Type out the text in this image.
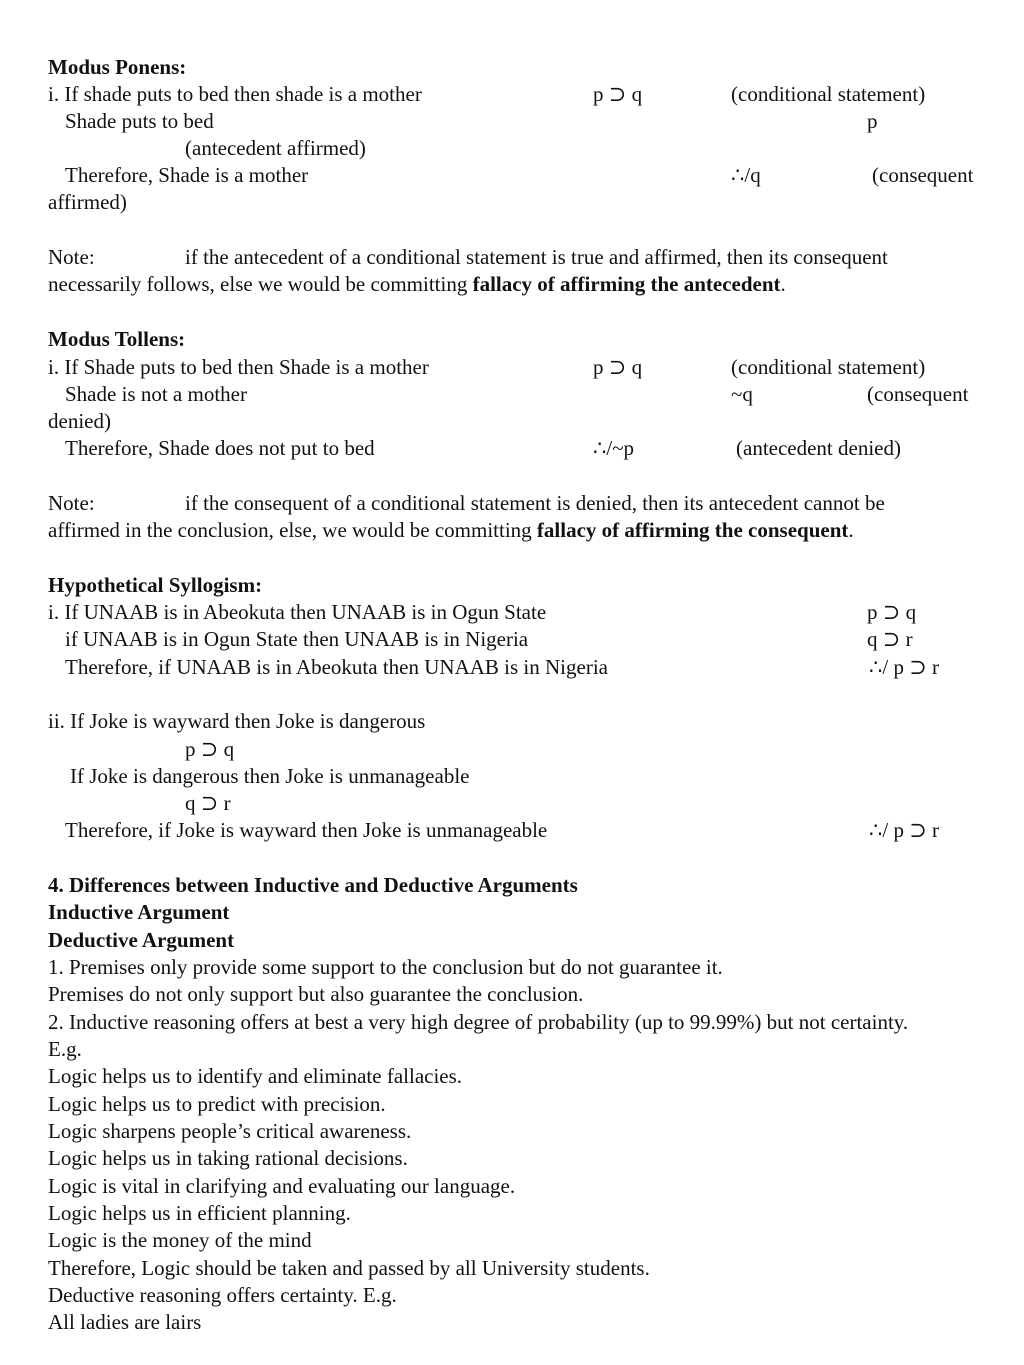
Modus Ponens:
i. If shade puts to bed then shade is a mother	p ⊃ q	(conditional statement)
Shade puts to bed	p
(antecedent affirmed)
Therefore, Shade is a mother	∴/q	(consequent
affirmed)
Note:	if the antecedent of a conditional statement is true and affirmed, then its consequent
necessarily follows, else we would be committing fallacy of affirming the antecedent.
Modus Tollens:
i. If Shade puts to bed then Shade is a mother	p ⊃ q	(conditional statement)
Shade is not a mother	~q	(consequent
denied)
Therefore, Shade does not put to bed	∴/~p	(antecedent denied)
Note:	if the consequent of a conditional statement is denied, then its antecedent cannot be
affirmed in the conclusion, else, we would be committing fallacy of affirming the consequent.
Hypothetical Syllogism:
i. If UNAAB is in Abeokuta then UNAAB is in Ogun State	p ⊃ q
if UNAAB is in Ogun State then UNAAB is in Nigeria	q ⊃ r
Therefore, if UNAAB is in Abeokuta then UNAAB is in Nigeria	∴/ p ⊃ r
ii. If Joke is wayward then Joke is dangerous
p ⊃ q
If Joke is dangerous then Joke is unmanageable
q ⊃ r
Therefore, if Joke is wayward then Joke is unmanageable	∴/ p ⊃ r
4. Differences between Inductive and Deductive Arguments
Inductive Argument
Deductive Argument
1. Premises only provide some support to the conclusion but do not guarantee it.
Premises do not only support but also guarantee the conclusion.
2. Inductive reasoning offers at best a very high degree of probability (up to 99.99%) but not certainty.
E.g.
Logic helps us to identify and eliminate fallacies.
Logic helps us to predict with precision.
Logic sharpens people’s critical awareness.
Logic helps us in taking rational decisions.
Logic is vital in clarifying and evaluating our language.
Logic helps us in efficient planning.
Logic is the money of the mind
Therefore, Logic should be taken and passed by all University students.
Deductive reasoning offers certainty. E.g.
All ladies are lairs
